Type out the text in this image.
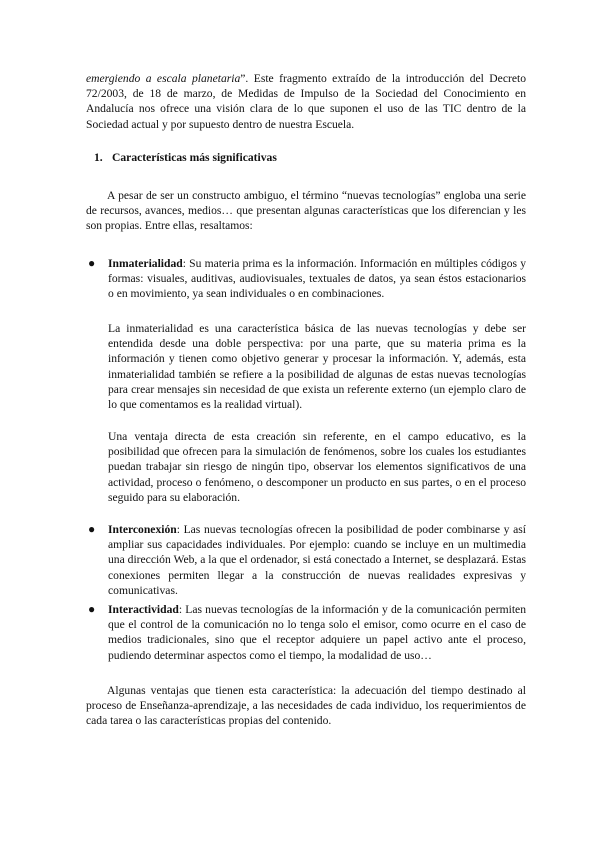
emergiendo a escala planetaria”. Este fragmento extraído de la introducción del Decreto 72/2003, de 18 de marzo, de Medidas de Impulso de la Sociedad del Conocimiento en Andalucía nos ofrece una visión clara de lo que suponen el uso de las TIC dentro de la Sociedad actual y por supuesto dentro de nuestra Escuela.

1. Características más significativas

A pesar de ser un constructo ambiguo, el término “nuevas tecnologías” engloba una serie de recursos, avances, medios… que presentan algunas características que los diferencian y les son propias. Entre ellas, resaltamos:

● Inmaterialidad: Su materia prima es la información. Información en múltiples códigos y formas: visuales, auditivas, audiovisuales, textuales de datos, ya sean éstos estacionarios o en movimiento, ya sean individuales o en combinaciones.

La inmaterialidad es una característica básica de las nuevas tecnologías y debe ser entendida desde una doble perspectiva: por una parte, que su materia prima es la información y tienen como objetivo generar y procesar la información. Y, además, esta inmaterialidad también se refiere a la posibilidad de algunas de estas nuevas tecnologías para crear mensajes sin necesidad de que exista un referente externo (un ejemplo claro de lo que comentamos es la realidad virtual).

Una ventaja directa de esta creación sin referente, en el campo educativo, es la posibilidad que ofrecen para la simulación de fenómenos, sobre los cuales los estudiantes puedan trabajar sin riesgo de ningún tipo, observar los elementos significativos de una actividad, proceso o fenómeno, o descomponer un producto en sus partes, o en el proceso seguido para su elaboración.

● Interconexión: Las nuevas tecnologías ofrecen la posibilidad de poder combinarse y así ampliar sus capacidades individuales. Por ejemplo: cuando se incluye en un multimedia una dirección Web, a la que el ordenador, si está conectado a Internet, se desplazará. Estas conexiones permiten llegar a la construcción de nuevas realidades expresivas y comunicativas.

● Interactividad: Las nuevas tecnologías de la información y de la comunicación permiten que el control de la comunicación no lo tenga solo el emisor, como ocurre en el caso de medios tradicionales, sino que el receptor adquiere un papel activo ante el proceso, pudiendo determinar aspectos como el tiempo, la modalidad de uso…

Algunas ventajas que tienen esta característica: la adecuación del tiempo destinado al proceso de Enseñanza-aprendizaje, a las necesidades de cada individuo, los requerimientos de cada tarea o las características propias del contenido.
